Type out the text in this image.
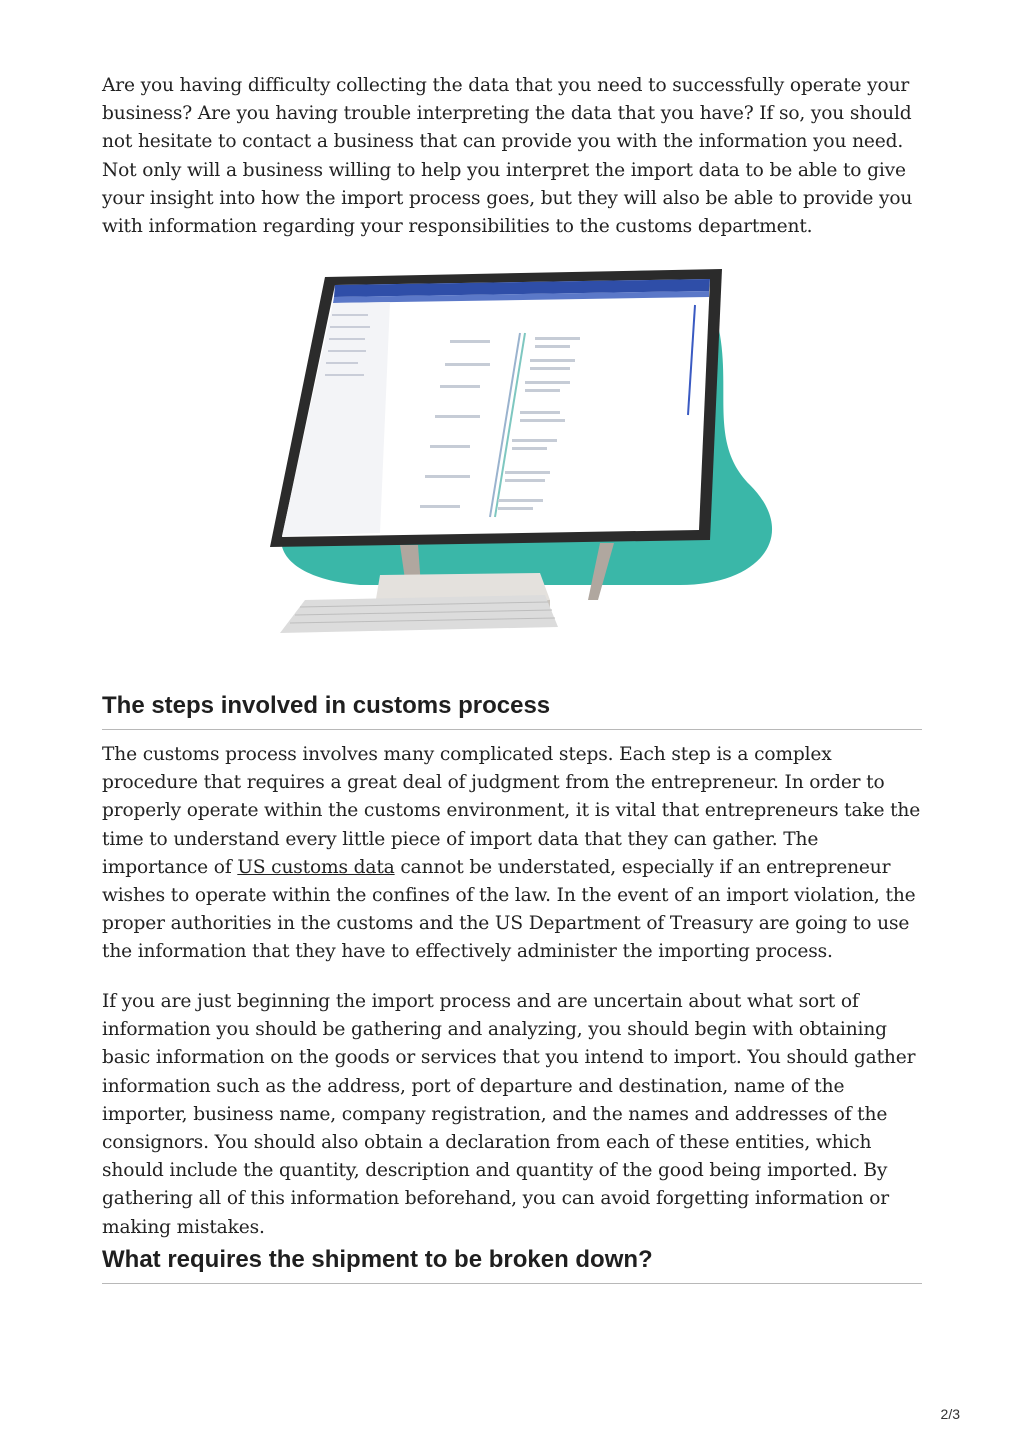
Are you having difficulty collecting the data that you need to successfully operate your business? Are you having trouble interpreting the data that you have? If so, you should not hesitate to contact a business that can provide you with the information you need. Not only will a business willing to help you interpret the import data to be able to give your insight into how the import process goes, but they will also be able to provide you with information regarding your responsibilities to the customs department.

The steps involved in customs process

The customs process involves many complicated steps. Each step is a complex procedure that requires a great deal of judgment from the entrepreneur. In order to properly operate within the customs environment, it is vital that entrepreneurs take the time to understand every little piece of import data that they can gather. The importance of US customs data cannot be understated, especially if an entrepreneur wishes to operate within the confines of the law. In the event of an import violation, the proper authorities in the customs and the US Department of Treasury are going to use the information that they have to effectively administer the importing process.

If you are just beginning the import process and are uncertain about what sort of information you should be gathering and analyzing, you should begin with obtaining basic information on the goods or services that you intend to import. You should gather information such as the address, port of departure and destination, name of the importer, business name, company registration, and the names and addresses of the consignors. You should also obtain a declaration from each of these entities, which should include the quantity, description and quantity of the good being imported. By gathering all of this information beforehand, you can avoid forgetting information or making mistakes.

What requires the shipment to be broken down?
2/3
